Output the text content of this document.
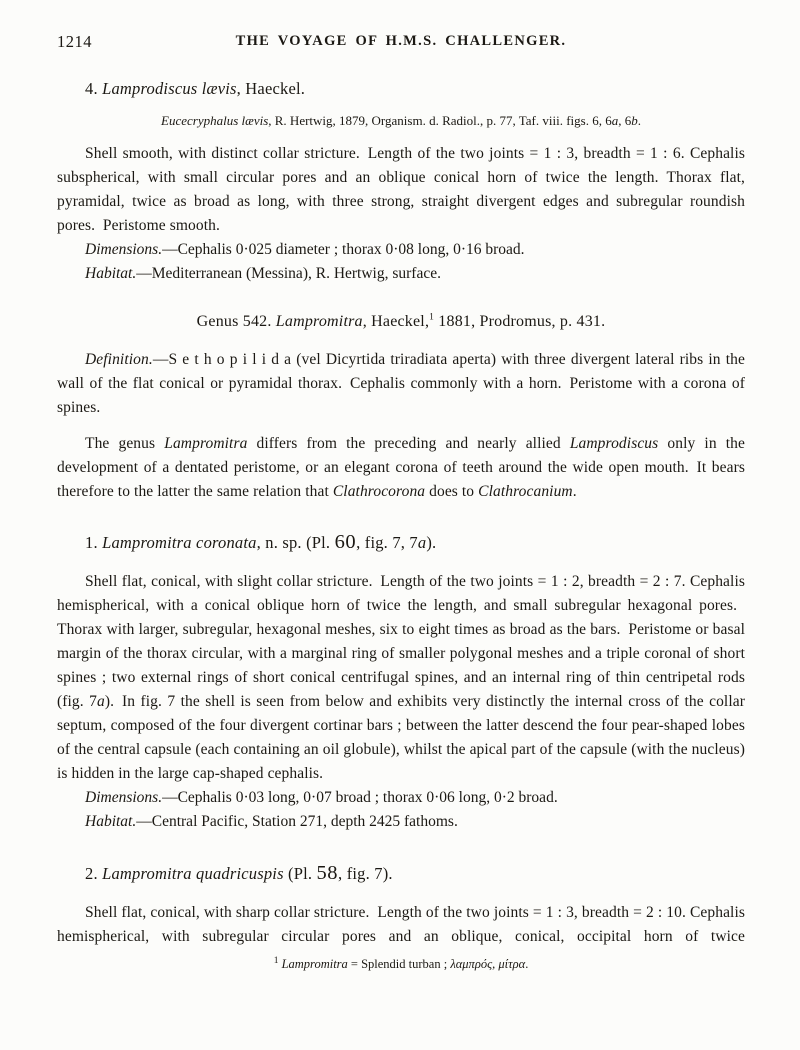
1214	THE VOYAGE OF H.M.S. CHALLENGER.
4. Lamprodiscus lævis, Haeckel.

Eucecryphalus lævis, R. Hertwig, 1879, Organism. d. Radiol., p. 77, Taf. viii. figs. 6, 6a, 6b.

Shell smooth, with distinct collar stricture. Length of the two joints = 1 : 3, breadth = 1 : 6. Cephalis subspherical, with small circular pores and an oblique conical horn of twice the length. Thorax flat, pyramidal, twice as broad as long, with three strong, straight divergent edges and subregular roundish pores. Peristome smooth.

Dimensions.—Cephalis 0·025 diameter ; thorax 0·08 long, 0·16 broad.

Habitat.—Mediterranean (Messina), R. Hertwig, surface.

Genus 542. Lampromitra, Haeckel,$^1$ 1881, Prodromus, p. 431.

Definition.—S e t h o p i l i d a (vel Dicyrtida triradiata aperta) with three divergent lateral ribs in the wall of the flat conical or pyramidal thorax. Cephalis commonly with a horn. Peristome with a corona of spines.

The genus Lampromitra differs from the preceding and nearly allied Lamprodiscus only in the development of a dentated peristome, or an elegant corona of teeth around the wide open mouth. It bears therefore to the latter the same relation that Clathrocorona does to Clathrocanium.

1. Lampromitra coronata, n. sp. (Pl. 60, fig. 7, 7a).

Shell flat, conical, with slight collar stricture. Length of the two joints = 1 : 2, breadth = 2 : 7. Cephalis hemispherical, with a conical oblique horn of twice the length, and small subregular hexagonal pores. Thorax with larger, subregular, hexagonal meshes, six to eight times as broad as the bars. Peristome or basal margin of the thorax circular, with a marginal ring of smaller polygonal meshes and a triple coronal of short spines ; two external rings of short conical centrifugal spines, and an internal ring of thin centripetal rods (fig. 7a). In fig. 7 the shell is seen from below and exhibits very distinctly the internal cross of the collar septum, composed of the four divergent cortinar bars ; between the latter descend the four pear-shaped lobes of the central capsule (each containing an oil globule), whilst the apical part of the capsule (with the nucleus) is hidden in the large cap-shaped cephalis.

Dimensions.—Cephalis 0·03 long, 0·07 broad ; thorax 0·06 long, 0·2 broad.

Habitat.—Central Pacific, Station 271, depth 2425 fathoms.

2. Lampromitra quadricuspis (Pl. 58, fig. 7).

Shell flat, conical, with sharp collar stricture. Length of the two joints = 1 : 3, breadth = 2 : 10. Cephalis hemispherical, with subregular circular pores and an oblique, conical, occipital horn of twice

$^1$ Lampromitra = Splendid turban ; λαμπρός, μίτρα.
